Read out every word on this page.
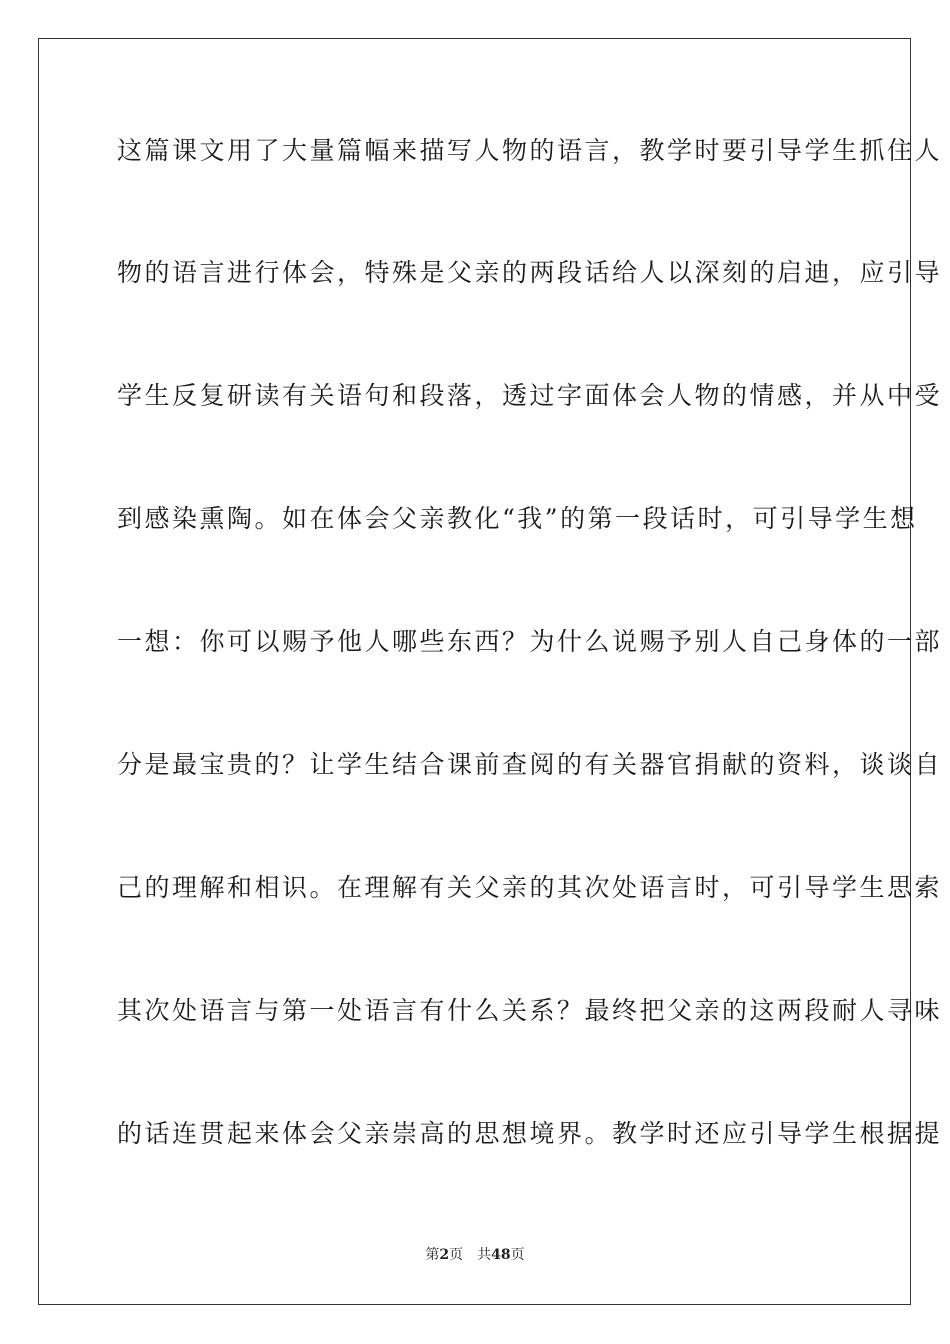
这篇课文用了大量篇幅来描写人物的语言，教学时要引导学生抓住人
物的语言进行体会，特殊是父亲的两段话给人以深刻的启迪，应引导
学生反复研读有关语句和段落，透过字面体会人物的情感，并从中受
到感染熏陶。如在体会父亲教化“我”的第一段话时，可引导学生想
一想：你可以赐予他人哪些东西？为什么说赐予别人自己身体的一部
分是最宝贵的？让学生结合课前查阅的有关器官捐献的资料，谈谈自
己的理解和相识。在理解有关父亲的其次处语言时，可引导学生思索
其次处语言与第一处语言有什么关系？最终把父亲的这两段耐人寻味
的话连贯起来体会父亲崇高的思想境界。教学时还应引导学生根据提
第2页 共48页
